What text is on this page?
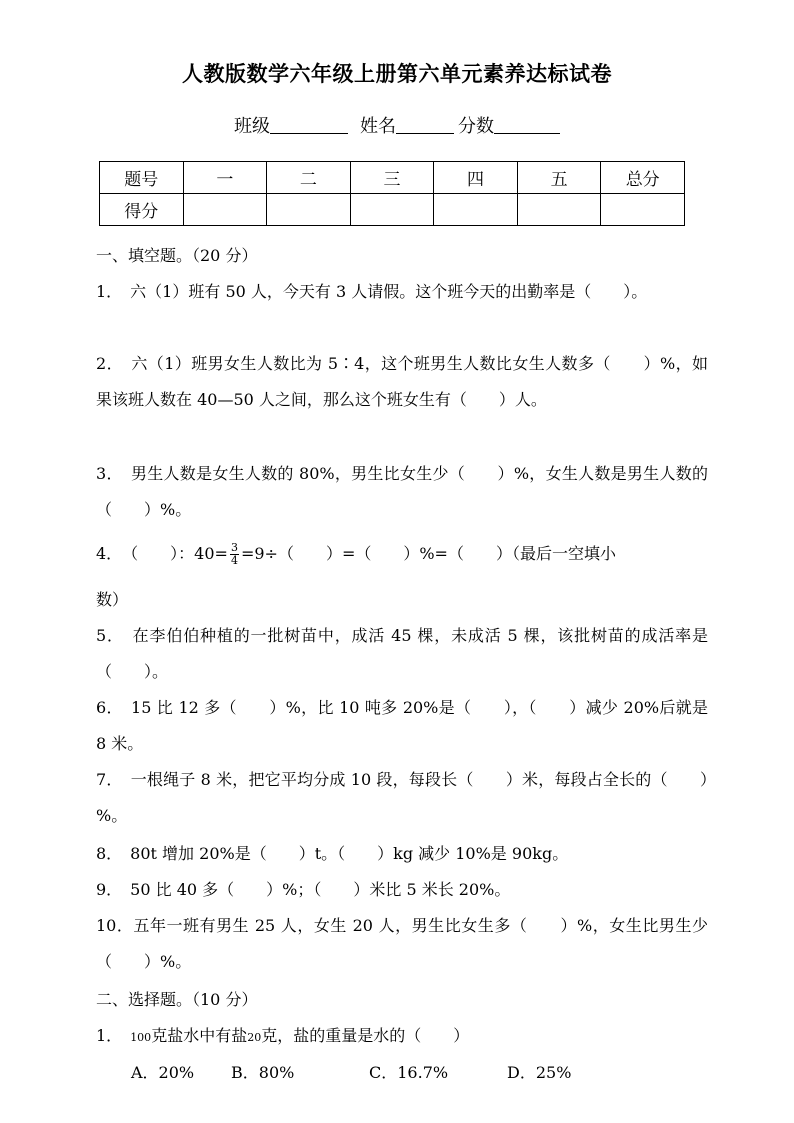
人教版数学六年级上册第六单元素养达标试卷
班级	姓名	分数
题号	一	二	三	四	五	总分
得分						
一、填空题。（20 分）
1．　六（1）班有 50 人，今天有 3 人请假。这个班今天的出勤率是（　　）。
2．　六（1）班男女生人数比为 5∶4，这个班男生人数比女生人数多（　　）%，如果该班人数在 40—50 人之间，那么这个班女生有（　　）人。
3．　男生人数是女生人数的 80%，男生比女生少（　　）%，女生人数是男生人数的（　　）%。
4．　（　　）：$40= \frac{3}{4} =9\div$（　　）=（　　）%=（　　）（最后一空填小
数）
5．　在李伯伯种植的一批树苗中，成活 45 棵，未成活 5 棵，该批树苗的成活率是（　　）。
6．　15 比 12 多（　　）%，比 10 吨多 20%是（　　），（　　）减少 20%后就是 8 米。
7．　一根绳子 8 米，把它平均分成 10 段，每段长（　　）米，每段占全长的（　　）%。
8．　80t 增加 20%是（　　）t。（　　）kg 减少 10%是 90kg。
9．　50 比 40 多（　　）%；（　　）米比 5 米长 20%。
10．五年一班有男生 25 人，女生 20 人，男生比女生多（　　）%，女生比男生少（　　）%。
二、选择题。（10 分）
1．　100克盐水中有盐20克，盐的重量是水的（　　）
A．20% B．80%	C．16.7%	D．25%
